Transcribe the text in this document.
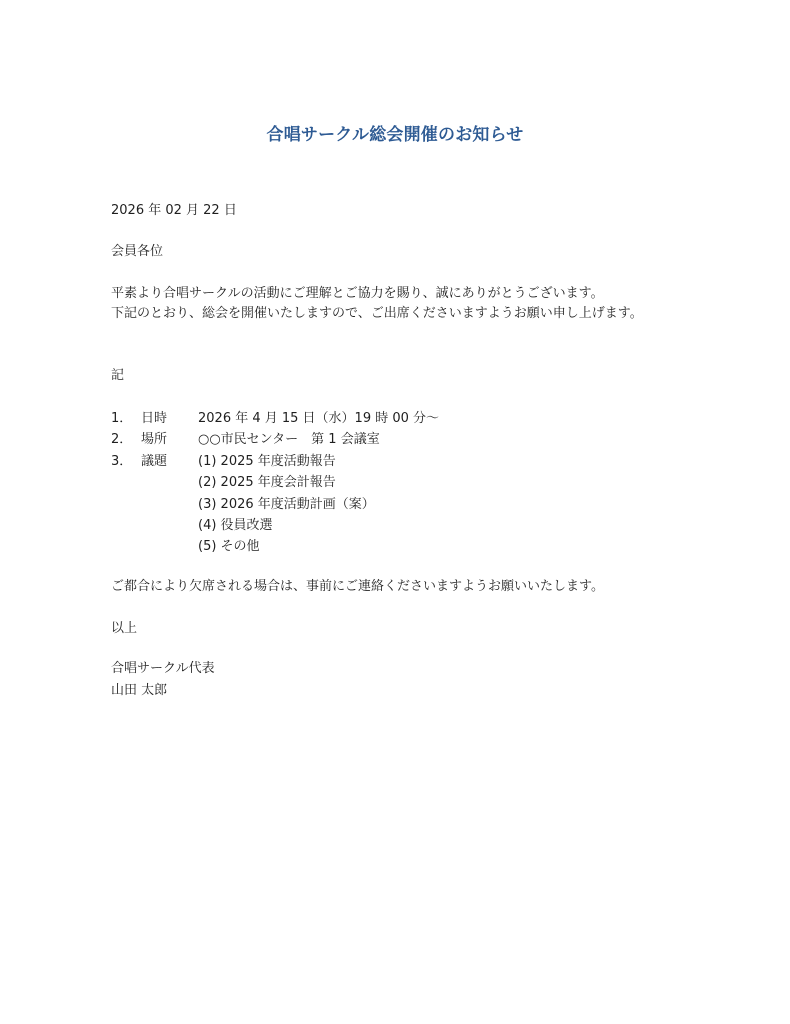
合唱サークル総会開催のお知らせ
2026 年 02 月 22 日
会員各位

平素より合唱サークルの活動にご理解とご協力を賜り、誠にありがとうございます。

下記のとおり、総会を開催いたしますので、ご出席くださいますようお願い申し上げます。

記
1． 日時	2026 年 4 月 15 日（水）19 時 00 分～
2． 場所	○○市民センター　第 1 会議室
3． 議題	(1) 2025 年度活動報告
(2) 2025 年度会計報告
(3) 2026 年度活動計画（案）
(4) 役員改選
(5) その他
ご都合により欠席される場合は、事前にご連絡くださいますようお願いいたします。
以上
合唱サークル代表
山田 太郎
